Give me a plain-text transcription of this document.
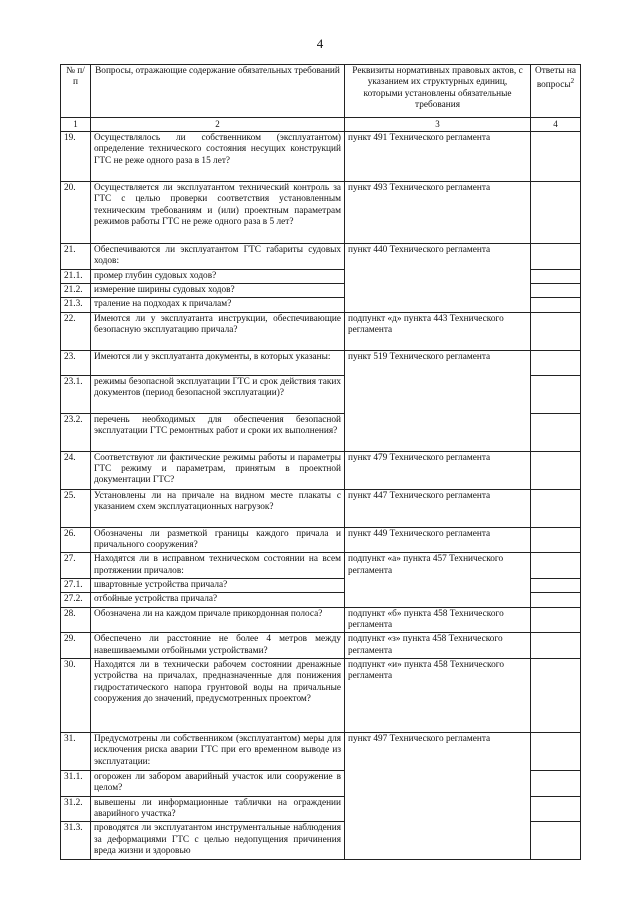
4
№ п/п	Вопросы, отражающие содержание обязательных требований	Реквизиты нормативных правовых актов, с указанием их структурных единиц, которыми установлены обязательные требования	Ответы на вопросы$^2$
1	2	3	4
19.	Осуществлялось ли собственником (эксплуатантом) определение технического состояния несущих конструкций ГТС не реже одного раза в 15 лет?	пункт 491 Технического регламента	
20.	Осуществляется ли эксплуатантом технический контроль за ГТС с целью проверки соответствия установленным техническим требованиям и (или) проектным параметрам режимов работы ГТС не реже одного раза в 5 лет?	пункт 493 Технического регламента	
21.	Обеспечиваются ли эксплуатантом ГТС габариты судовых ходов:	пункт 440 Технического регламента	
21.1.	промер глубин судовых ходов?		
21.2.	измерение ширины судовых ходов?		
21.3.	траление на подходах к причалам?		
22.	Имеются ли у эксплуатанта инструкции, обеспечивающие безопасную эксплуатацию причала?	подпункт «д» пункта 443 Технического регламента	
23.	Имеются ли у эксплуатанта документы, в которых указаны:	пункт 519 Технического регламента	
23.1.	режимы безопасной эксплуатации ГТС и срок действия таких документов (период безопасной эксплуатации)?		
23.2.	перечень необходимых для обеспечения безопасной эксплуатации ГТС ремонтных работ и сроки их выполнения?		
24.	Соответствуют ли фактические режимы работы и параметры ГТС режиму и параметрам, принятым в проектной документации ГТС?	пункт 479 Технического регламента	
25.	Установлены ли на причале на видном месте плакаты с указанием схем эксплуатационных нагрузок?	пункт 447 Технического регламента	
26.	Обозначены ли разметкой границы каждого причала и причального сооружения?	пункт 449 Технического регламента	
27.	Находятся ли в исправном техническом состоянии на всем протяжении причалов:	подпункт «а» пункта 457 Технического регламента	
27.1.	швартовные устройства причала?		
27.2.	отбойные устройства причала?		
28.	Обозначена ли на каждом причале прикордонная полоса?	подпункт «б» пункта 458 Технического регламента	
29.	Обеспечено ли расстояние не более 4 метров между навешиваемыми отбойными устройствами?	подпункт «з» пункта 458 Технического регламента	
30.	Находятся ли в технически рабочем состоянии дренажные устройства на причалах, предназначенные для понижения гидростатического напора грунтовой воды на причальные сооружения до значений, предусмотренных проектом?	подпункт «и» пункта 458 Технического регламента	
31.	Предусмотрены ли собственником (эксплуатантом) меры для исключения риска аварии ГТС при его временном выводе из эксплуатации:	пункт 497 Технического регламента	
31.1.	огорожен ли забором аварийный участок или сооружение в целом?		
31.2.	вывешены ли информационные таблички на ограждении аварийного участка?		
31.3.	проводятся ли эксплуатантом инструментальные наблюдения за деформациями ГТС с целью недопущения причинения вреда жизни и здоровью		
